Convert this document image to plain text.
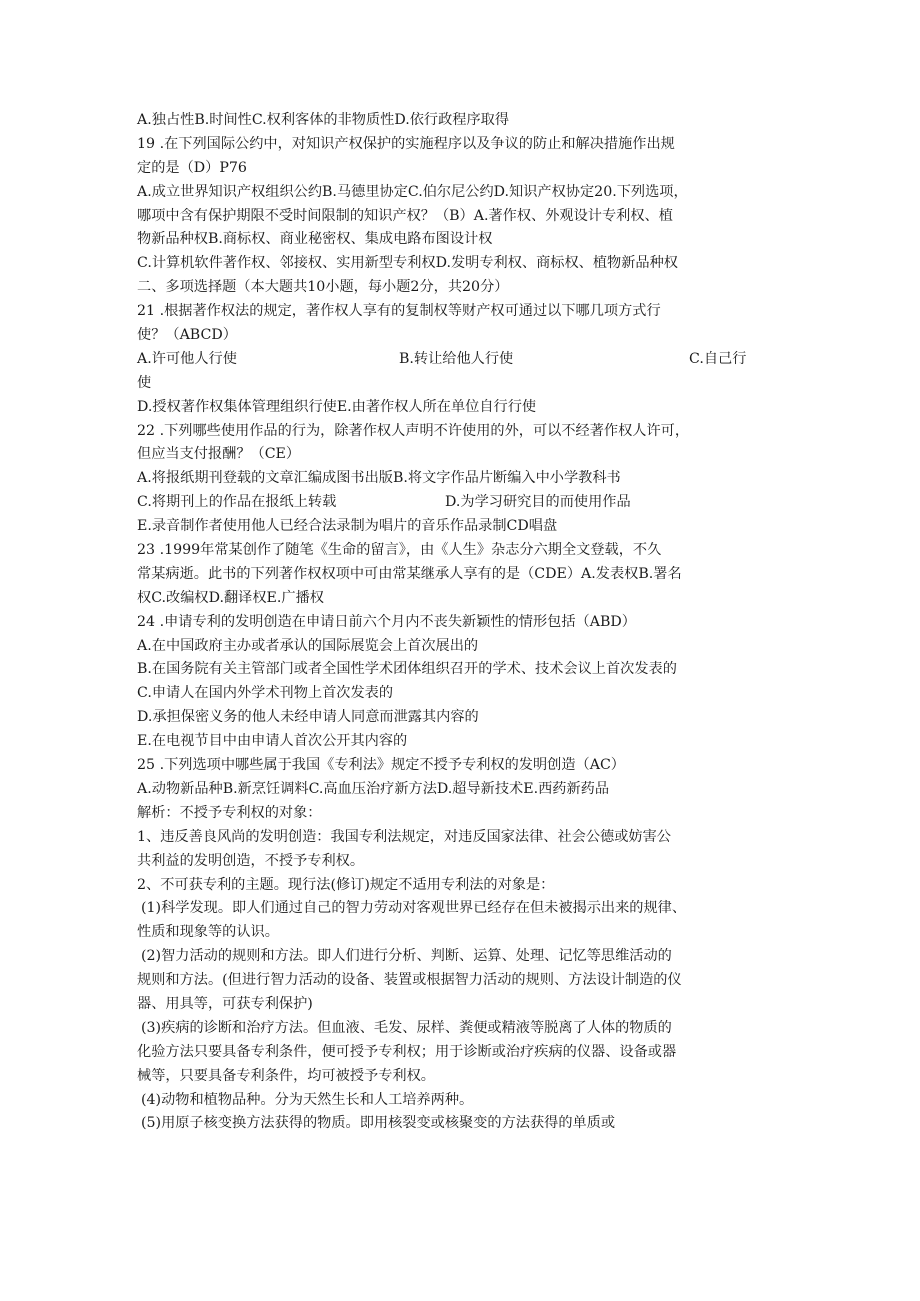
A.独占性B.时间性C.权利客体的非物质性D.依行政程序取得
19 .在下列国际公约中，对知识产权保护的实施程序以及争议的防止和解决措施作出规
定的是（D）P76
A.成立世界知识产权组织公约B.马德里协定C.伯尔尼公约D.知识产权协定20.下列选项，
哪项中含有保护期限不受时间限制的知识产权？（B）A.著作权、外观设计专利权、植
物新品种权B.商标权、商业秘密权、集成电路布图设计权
C.计算机软件著作权、邻接权、实用新型专利权D.发明专利权、商标权、植物新品种权
二、多项选择题（本大题共10小题，每小题2分，共20分）
21 .根据著作权法的规定，著作权人享有的复制权等财产权可通过以下哪几项方式行
使？（ABCD）
A.许可他人行使	B.转让给他人行使	C.自己行
使
D.授权著作权集体管理组织行使E.由著作权人所在单位自行行使
22 .下列哪些使用作品的行为，除著作权人声明不许使用的外，可以不经著作权人许可，
但应当支付报酬？（CE）
A.将报纸期刊登载的文章汇编成图书出版B.将文字作品片断编入中小学教科书
C.将期刊上的作品在报纸上转载	D.为学习研究目的而使用作品
E.录音制作者使用他人已经合法录制为唱片的音乐作品录制CD唱盘
23 .1999年常某创作了随笔《生命的留言》，由《人生》杂志分六期全文登载，不久
常某病逝。此书的下列著作权权项中可由常某继承人享有的是（CDE）A.发表权B.署名
权C.改编权D.翻译权E.广播权
24 .申请专利的发明创造在申请日前六个月内不丧失新颖性的情形包括（ABD）
A.在中国政府主办或者承认的国际展览会上首次展出的
B.在国务院有关主管部门或者全国性学术团体组织召开的学术、技术会议上首次发表的
C.申请人在国内外学术刊物上首次发表的
D.承担保密义务的他人未经申请人同意而泄露其内容的
E.在电视节目中由申请人首次公开其内容的
25 .下列选项中哪些属于我国《专利法》规定不授予专利权的发明创造（AC）
A.动物新品种B.新烹饪调料C.高血压治疗新方法D.超导新技术E.西药新药品
解析：不授予专利权的对象：
1、违反善良风尚的发明创造：我国专利法规定，对违反国家法律、社会公德或妨害公
共利益的发明创造，不授予专利权。
2、不可获专利的主题。现行法(修订)规定不适用专利法的对象是：
(1)科学发现。即人们通过自己的智力劳动对客观世界已经存在但未被揭示出来的规律、
性质和现象等的认识。
(2)智力活动的规则和方法。即人们进行分析、判断、运算、处理、记忆等思维活动的
规则和方法。(但进行智力活动的设备、装置或根据智力活动的规则、方法设计制造的仪
器、用具等，可获专利保护)
(3)疾病的诊断和治疗方法。但血液、毛发、尿样、粪便或精液等脱离了人体的物质的
化验方法只要具备专利条件，便可授予专利权；用于诊断或治疗疾病的仪器、设备或器
械等，只要具备专利条件，均可被授予专利权。
(4)动物和植物品种。分为天然生长和人工培养两种。
(5)用原子核变换方法获得的物质。即用核裂变或核聚变的方法获得的单质或
